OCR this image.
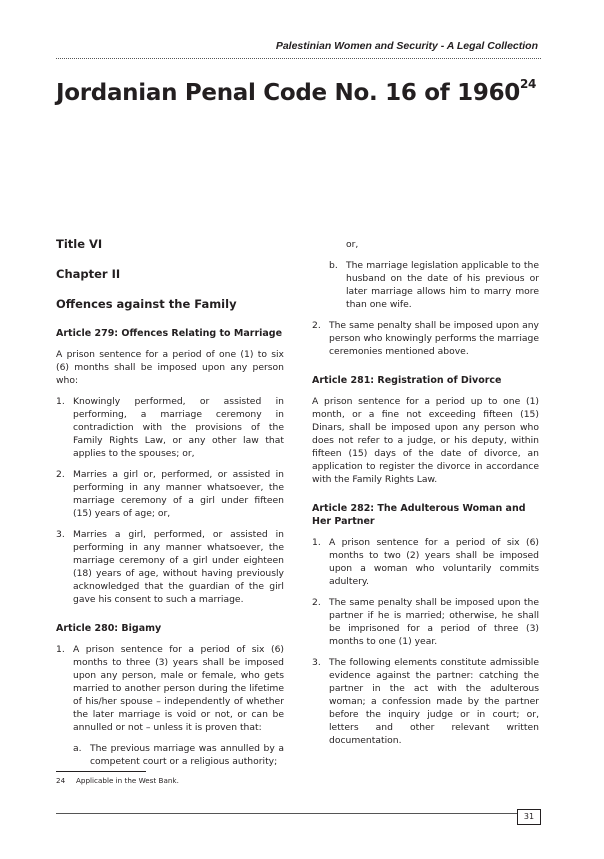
Palestinian Women and Security - A Legal Collection
Jordanian Penal Code No. 16 of 1960$^{24}$
Title VI
Chapter II
Offences against the Family
Article 279: Offences Relating to Marriage

A prison sentence for a period of one (1) to six (6) months shall be imposed upon any person who:

1. Knowingly performed, or assisted in performing, a marriage ceremony in contradiction with the provisions of the Family Rights Law, or any other law that applies to the spouses; or,
2. Marries a girl or, performed, or assisted in performing in any manner whatsoever, the marriage ceremony of a girl under fifteen (15) years of age; or,
3. Marries a girl, performed, or assisted in performing in any manner whatsoever, the marriage ceremony of a girl under eighteen (18) years of age, without having previously acknowledged that the guardian of the girl gave his consent to such a marriage.
Article 280: Bigamy
1. A prison sentence for a period of six (6) months to three (3) years shall be imposed upon any person, male or female, who gets married to another person during the lifetime of his/her spouse – independently of whether the later marriage is void or not, or can be annulled or not – unless it is proven that:
a. The previous marriage was annulled by a competent court or a religious authority;
or,
b. The marriage legislation applicable to the husband on the date of his previous or later marriage allows him to marry more than one wife.
2. The same penalty shall be imposed upon any person who knowingly performs the marriage ceremonies mentioned above.
Article 281: Registration of Divorce

A prison sentence for a period up to one (1) month, or a fine not exceeding fifteen (15) Dinars, shall be imposed upon any person who does not refer to a judge, or his deputy, within fifteen (15) days of the date of divorce, an application to register the divorce in accordance with the Family Rights Law.

Article 282: The Adulterous Woman and Her Partner
1. A prison sentence for a period of six (6) months to two (2) years shall be imposed upon a woman who voluntarily commits adultery.
2. The same penalty shall be imposed upon the partner if he is married; otherwise, he shall be imprisoned for a period of three (3) months to one (1) year.
3. The following elements constitute admissible evidence against the partner: catching the partner in the act with the adulterous woman; a confession made by the partner before the inquiry judge or in court; or, letters and other relevant written documentation.
24	Applicable in the West Bank.
31
